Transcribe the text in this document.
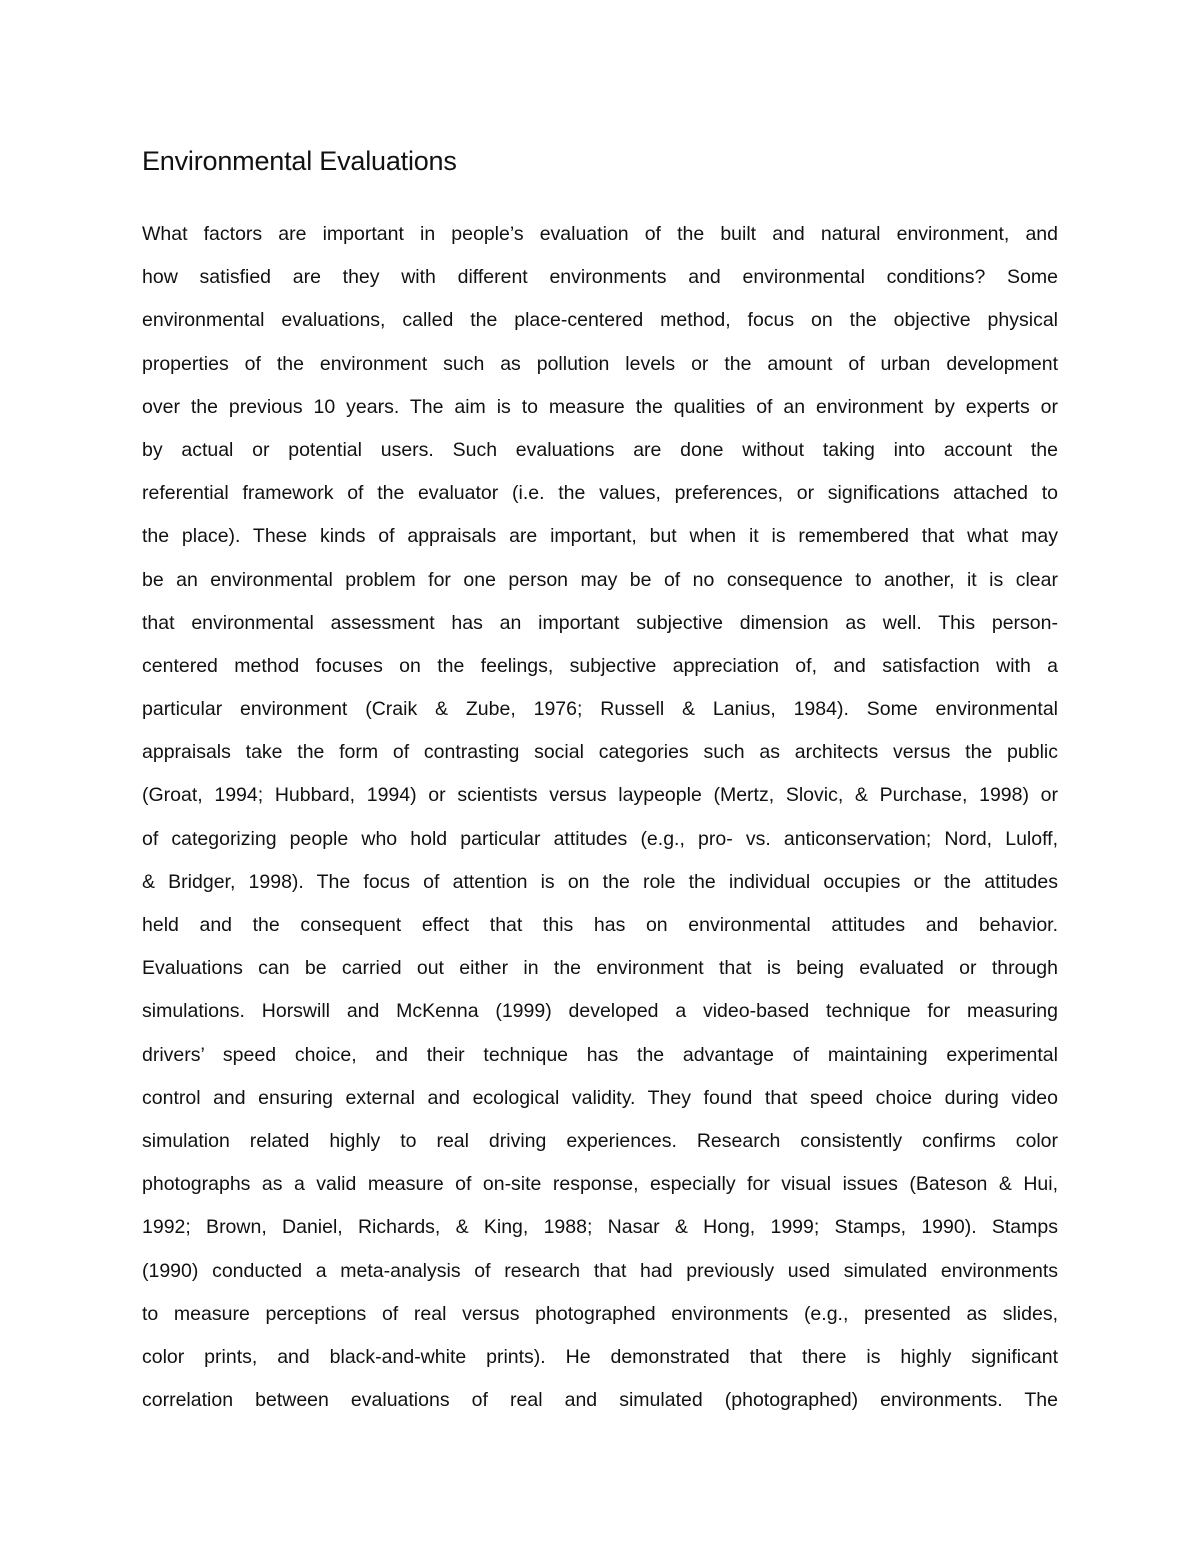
Environmental Evaluations
What factors are important in people’s evaluation of the built and natural environment, and
how satisfied are they with different environments and environmental conditions? Some
environmental evaluations, called the place-centered method, focus on the objective physical
properties of the environment such as pollution levels or the amount of urban development
over the previous 10 years. The aim is to measure the qualities of an environment by experts or
by actual or potential users. Such evaluations are done without taking into account the
referential framework of the evaluator (i.e. the values, preferences, or significations attached to
the place). These kinds of appraisals are important, but when it is remembered that what may
be an environmental problem for one person may be of no consequence to another, it is clear
that environmental assessment has an important subjective dimension as well. This person-
centered method focuses on the feelings, subjective appreciation of, and satisfaction with a
particular environment (Craik & Zube, 1976; Russell & Lanius, 1984). Some environmental
appraisals take the form of contrasting social categories such as architects versus the public
(Groat, 1994; Hubbard, 1994) or scientists versus laypeople (Mertz, Slovic, & Purchase, 1998) or
of categorizing people who hold particular attitudes (e.g., pro- vs. anticonservation; Nord, Luloff,
& Bridger, 1998). The focus of attention is on the role the individual occupies or the attitudes
held and the consequent effect that this has on environmental attitudes and behavior.
Evaluations can be carried out either in the environment that is being evaluated or through
simulations. Horswill and McKenna (1999) developed a video-based technique for measuring
drivers’ speed choice, and their technique has the advantage of maintaining experimental
control and ensuring external and ecological validity. They found that speed choice during video
simulation related highly to real driving experiences. Research consistently confirms color
photographs as a valid measure of on-site response, especially for visual issues (Bateson & Hui,
1992; Brown, Daniel, Richards, & King, 1988; Nasar & Hong, 1999; Stamps, 1990). Stamps
(1990) conducted a meta-analysis of research that had previously used simulated environments
to measure perceptions of real versus photographed environments (e.g., presented as slides,
color prints, and black-and-white prints). He demonstrated that there is highly significant
correlation between evaluations of real and simulated (photographed) environments. The
